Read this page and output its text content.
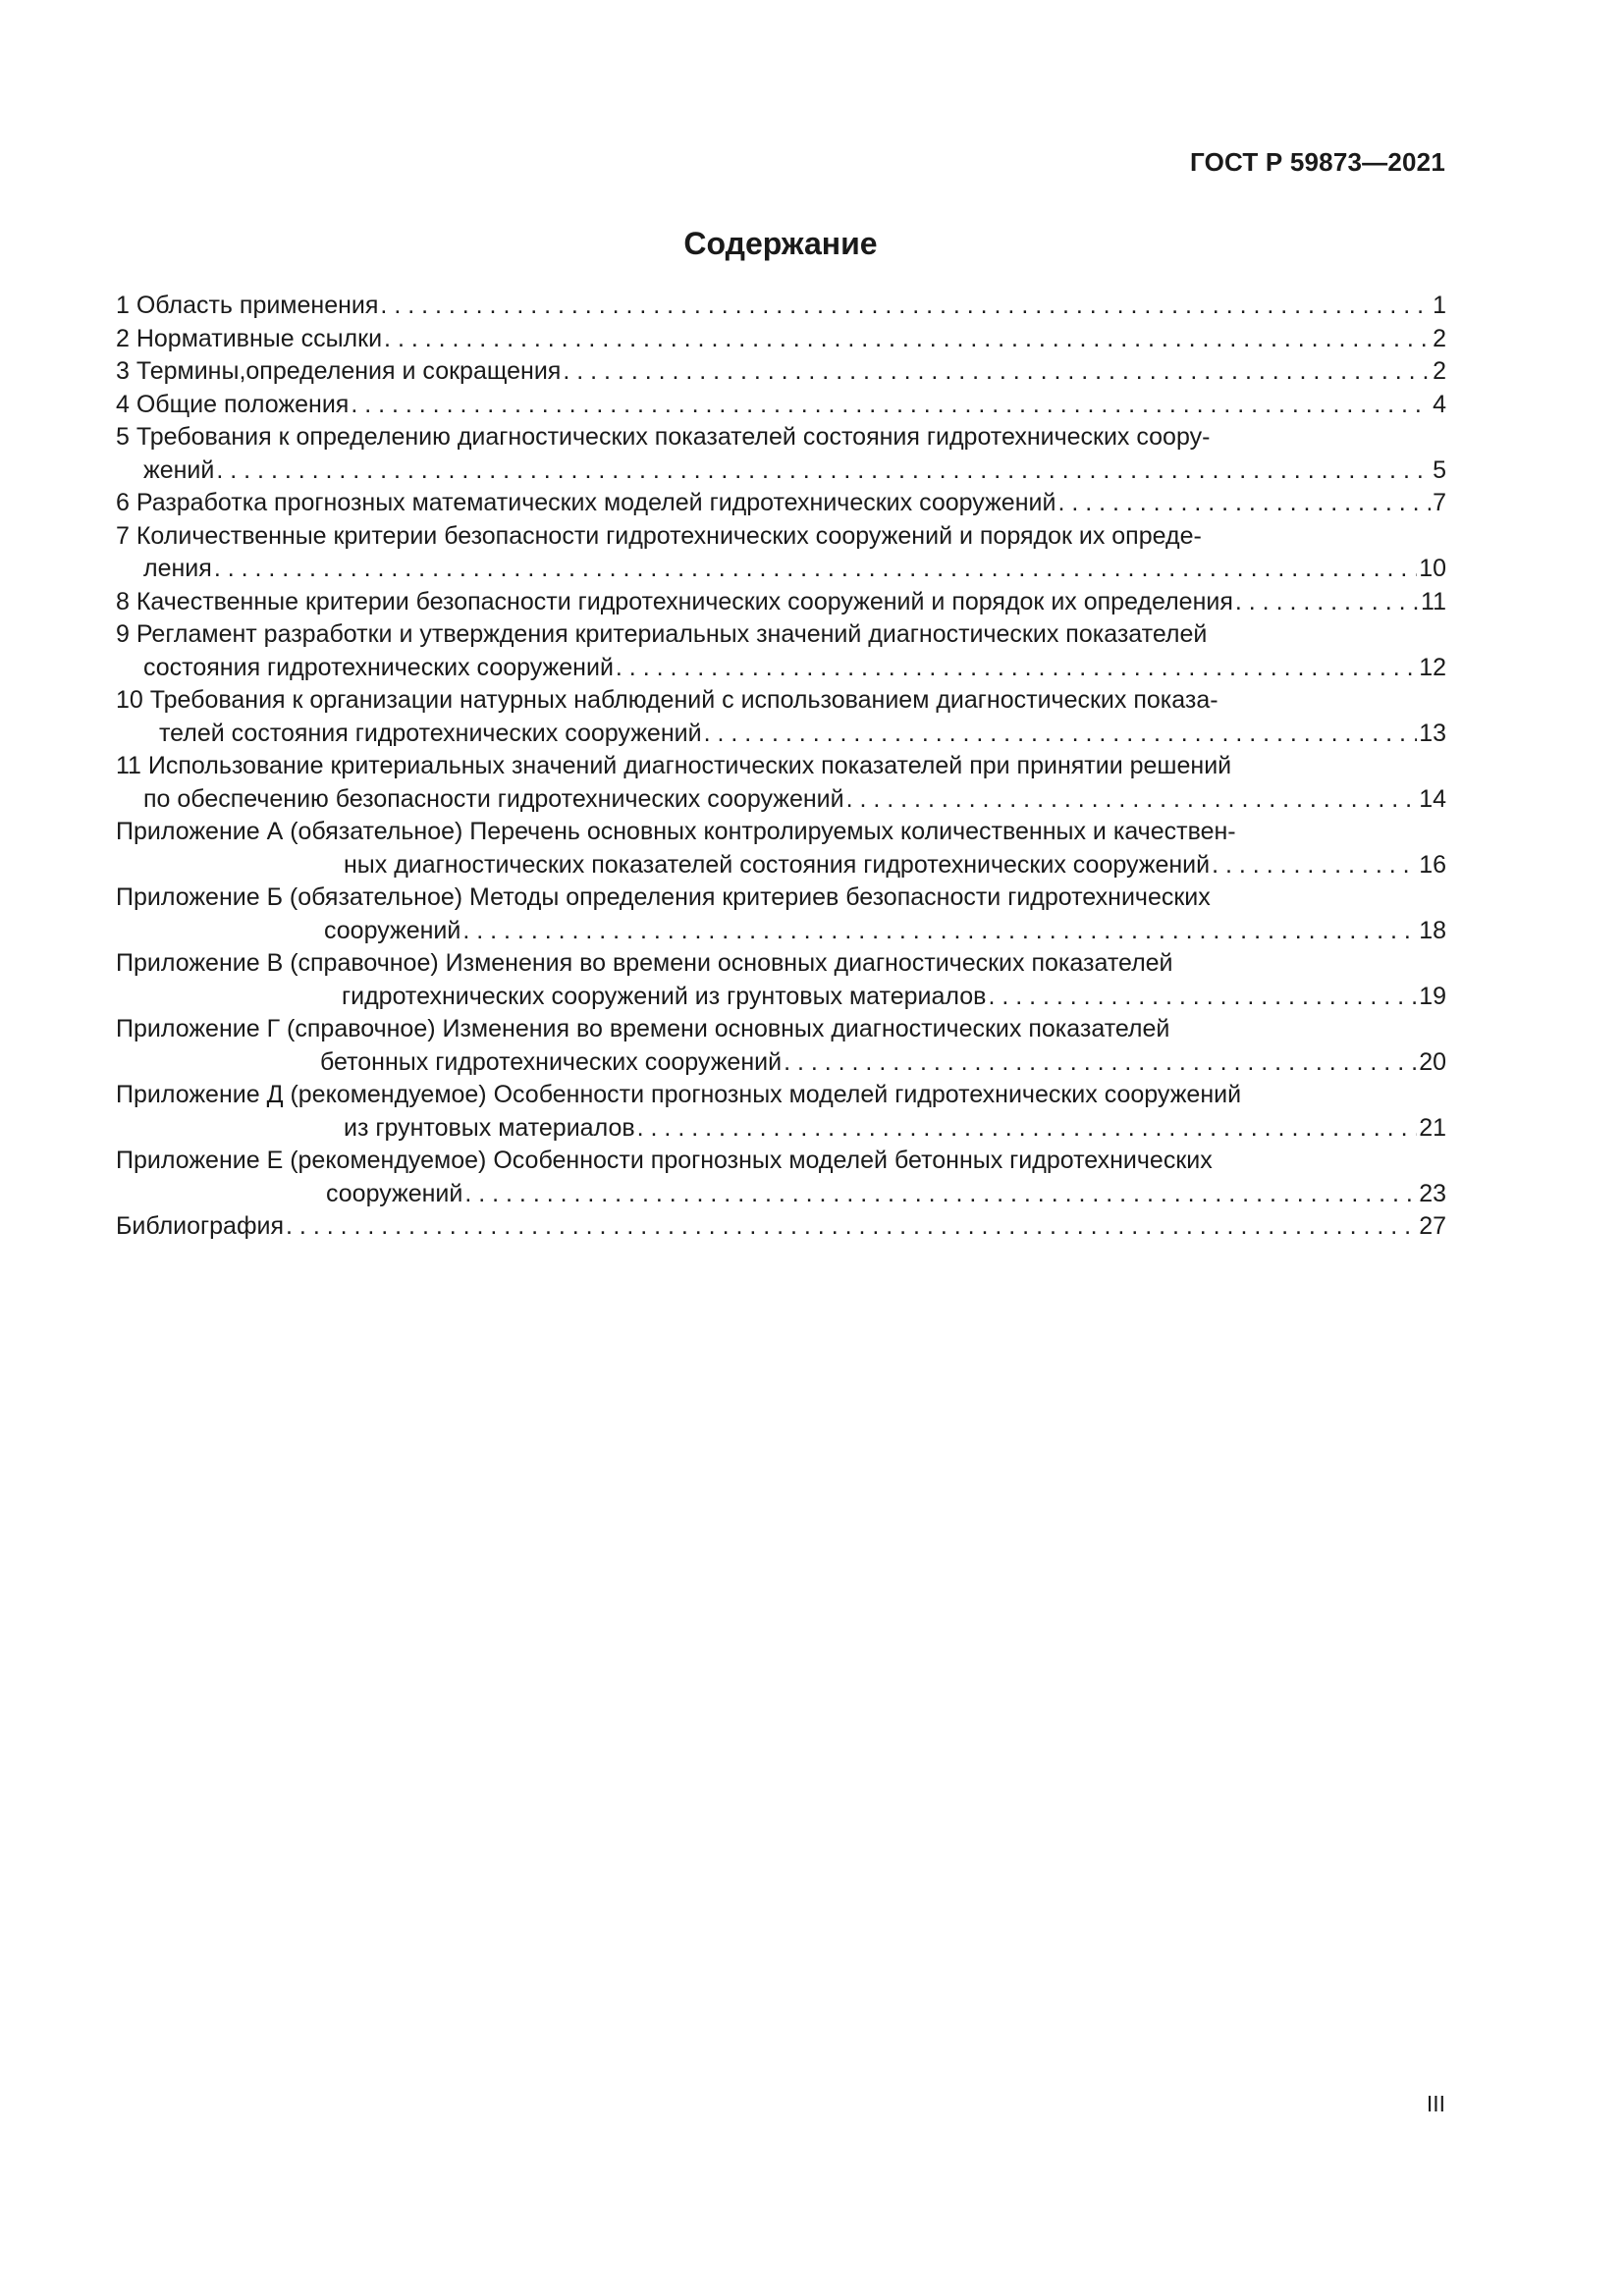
ГОСТ Р 59873—2021
Содержание
1 Область применения . . .	1
2 Нормативные ссылки . . .	2
3 Термины,определения и сокращения . . .	2
4 Общие положения . . .	4
5 Требования к определению диагностических показателей состояния гидротехнических соору-
жений . . .	5
6 Разработка прогнозных математических моделей гидротехнических сооружений . . .	7
7 Количественные критерии безопасности гидротехнических сооружений и порядок их опреде-
ления . . .	10
8 Качественные критерии безопасности гидротехнических сооружений и порядок их определения . . .	11
9 Регламент разработки и утверждения критериальных значений диагностических показателей
состояния гидротехнических сооружений . . .	12
10 Требования к организации натурных наблюдений с использованием диагностических показа-
телей состояния гидротехнических сооружений . . .	13
11 Использование критериальных значений диагностических показателей при принятии решений
по обеспечению безопасности гидротехнических сооружений . . .	14
Приложение А (обязательное) Перечень основных контролируемых количественных и качествен-
ных диагностических показателей состояния гидротехнических сооружений . . .	16
Приложение Б (обязательное) Методы определения критериев безопасности гидротехнических
сооружений . . .	18
Приложение В (справочное) Изменения во времени основных диагностических показателей
гидротехнических сооружений из грунтовых материалов . . .	19
Приложение Г (справочное) Изменения во времени основных диагностических показателей
бетонных гидротехнических сооружений . . .	20
Приложение Д (рекомендуемое) Особенности прогнозных моделей гидротехнических сооружений
из грунтовых материалов . . .	21
Приложение Е (рекомендуемое) Особенности прогнозных моделей бетонных гидротехнических
сооружений . . .	23
Библиография . . .	27
III
